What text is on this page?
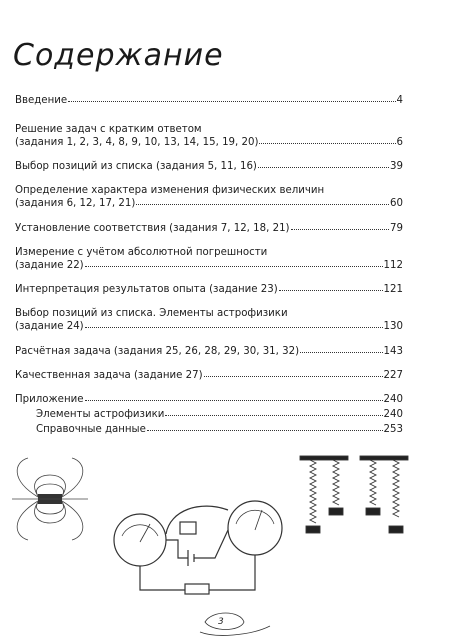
Содержание
Введение	4
Решение задач с кратким ответом
(задания 1, 2, 3, 4, 8, 9, 10, 13, 14, 15, 19, 20)	6
Выбор позиций из списка (задания 5, 11, 16)	39
Определение характера изменения физических величин
(задания 6, 12, 17, 21)	60
Установление соответствия (задания 7, 12, 18, 21)	79
Измерение с учётом абсолютной погрешности
(задание 22)	112
Интерпретация результатов опыта (задание 23)	121
Выбор позиций из списка. Элементы астрофизики
(задание 24)	130
Расчётная задача (задания 25, 26, 28, 29, 30, 31, 32)	143
Качественная задача (задание 27)	227
Приложение	240
Элементы астрофизики	240
Справочные данные	253
3
